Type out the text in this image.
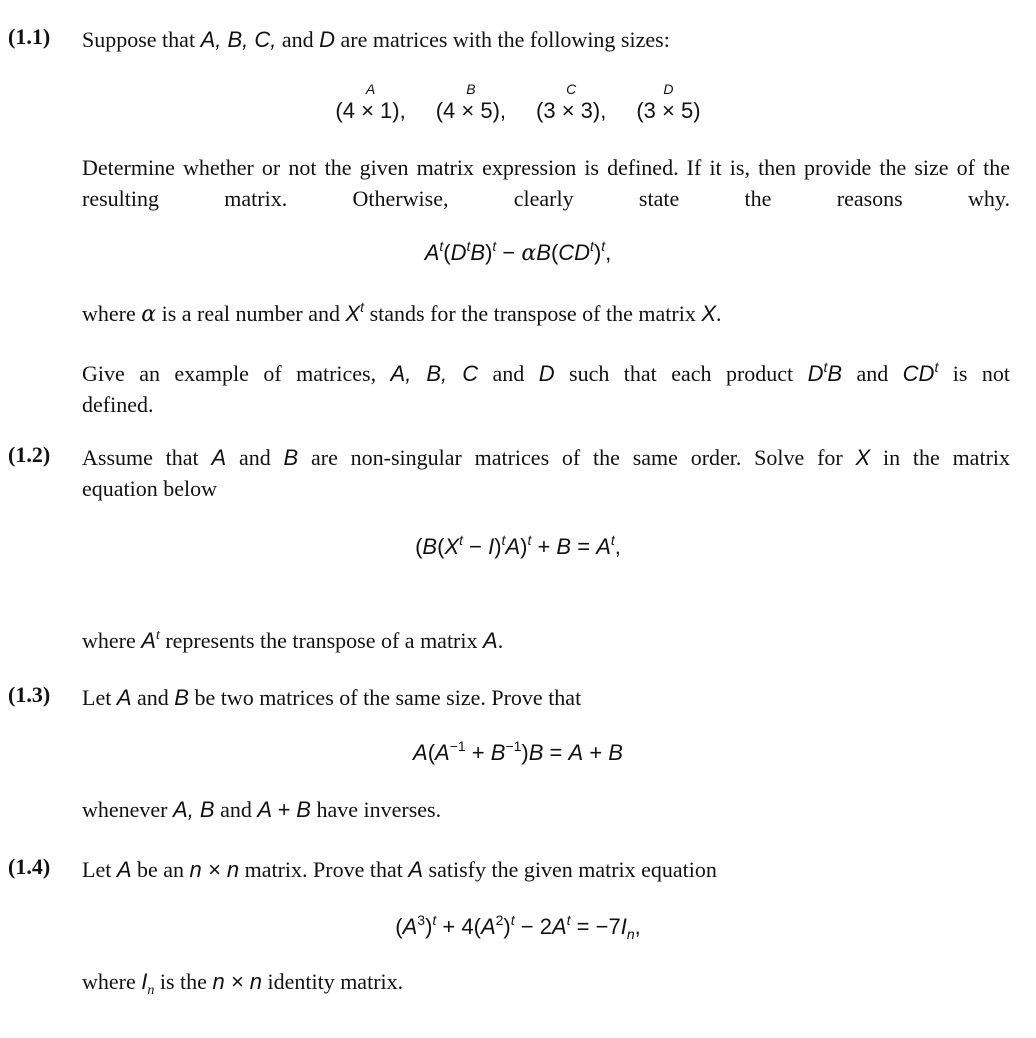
(1.1) Suppose that A, B, C, and D are matrices with the following sizes:
A
(4 × 1),
B
(4 × 5),
C
(3 × 3),
D
(3 × 5)
Determine whether or not the given matrix expression is defined. If it is, then provide the size of the resulting matrix. Otherwise, clearly state the reasons why.
$A^t(D^tB)^t - \alpha B(CD^t)^t$,
where α is a real number and $X^t$ stands for the transpose of the matrix X.
Give an example of matrices, A, B, C and D such that each product $D^tB$ and $CD^t$ is not
defined.
(1.2) Assume that A and B are non-singular matrices of the same order. Solve for X in the matrix
equation below
$(B(X^t - I)^tA)^t + B = A^t$,
where $A^t$ represents the transpose of a matrix A.
(1.3) Let A and B be two matrices of the same size. Prove that
$A(A^{-1} + B^{-1})B = A + B$
whenever A, B and A + B have inverses.
(1.4) Let A be an n × n matrix. Prove that A satisfy the given matrix equation
$(A^3)^t + 4(A^2)^t - 2A^t = -7I_n$,
where $I_n$ is the n × n identity matrix.
